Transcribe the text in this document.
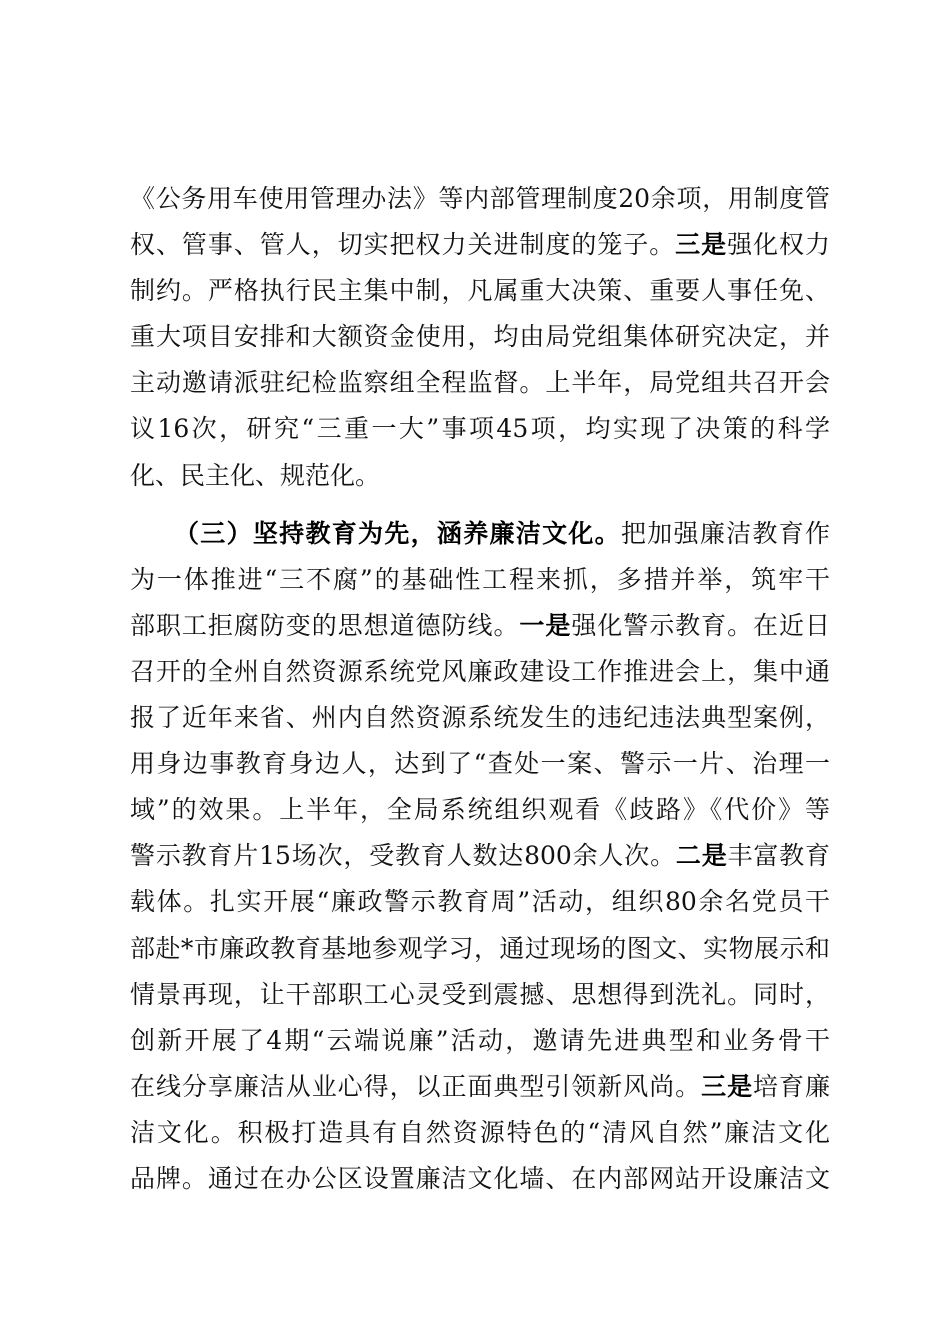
《公务用车使用管理办法》等内部管理制度20余项，用制度管
权、管事、管人，切实把权力关进制度的笼子。三是强化权力
制约。严格执行民主集中制，凡属重大决策、重要人事任免、
重大项目安排和大额资金使用，均由局党组集体研究决定，并
主动邀请派驻纪检监察组全程监督。上半年，局党组共召开会
议16次，研究“三重一大”事项45项，均实现了决策的科学
化、民主化、规范化。
（三）坚持教育为先，涵养廉洁文化。把加强廉洁教育作
为一体推进“三不腐”的基础性工程来抓，多措并举，筑牢干
部职工拒腐防变的思想道德防线。一是强化警示教育。在近日
召开的全州自然资源系统党风廉政建设工作推进会上，集中通
报了近年来省、州内自然资源系统发生的违纪违法典型案例，
用身边事教育身边人，达到了“查处一案、警示一片、治理一
域”的效果。上半年，全局系统组织观看《歧路》《代价》等
警示教育片15场次，受教育人数达800余人次。二是丰富教育
载体。扎实开展“廉政警示教育周”活动，组织80余名党员干
部赴*市廉政教育基地参观学习，通过现场的图文、实物展示和
情景再现，让干部职工心灵受到震撼、思想得到洗礼。同时，
创新开展了4期“云端说廉”活动，邀请先进典型和业务骨干
在线分享廉洁从业心得，以正面典型引领新风尚。三是培育廉
洁文化。积极打造具有自然资源特色的“清风自然”廉洁文化
品牌。通过在办公区设置廉洁文化墙、在内部网站开设廉洁文
